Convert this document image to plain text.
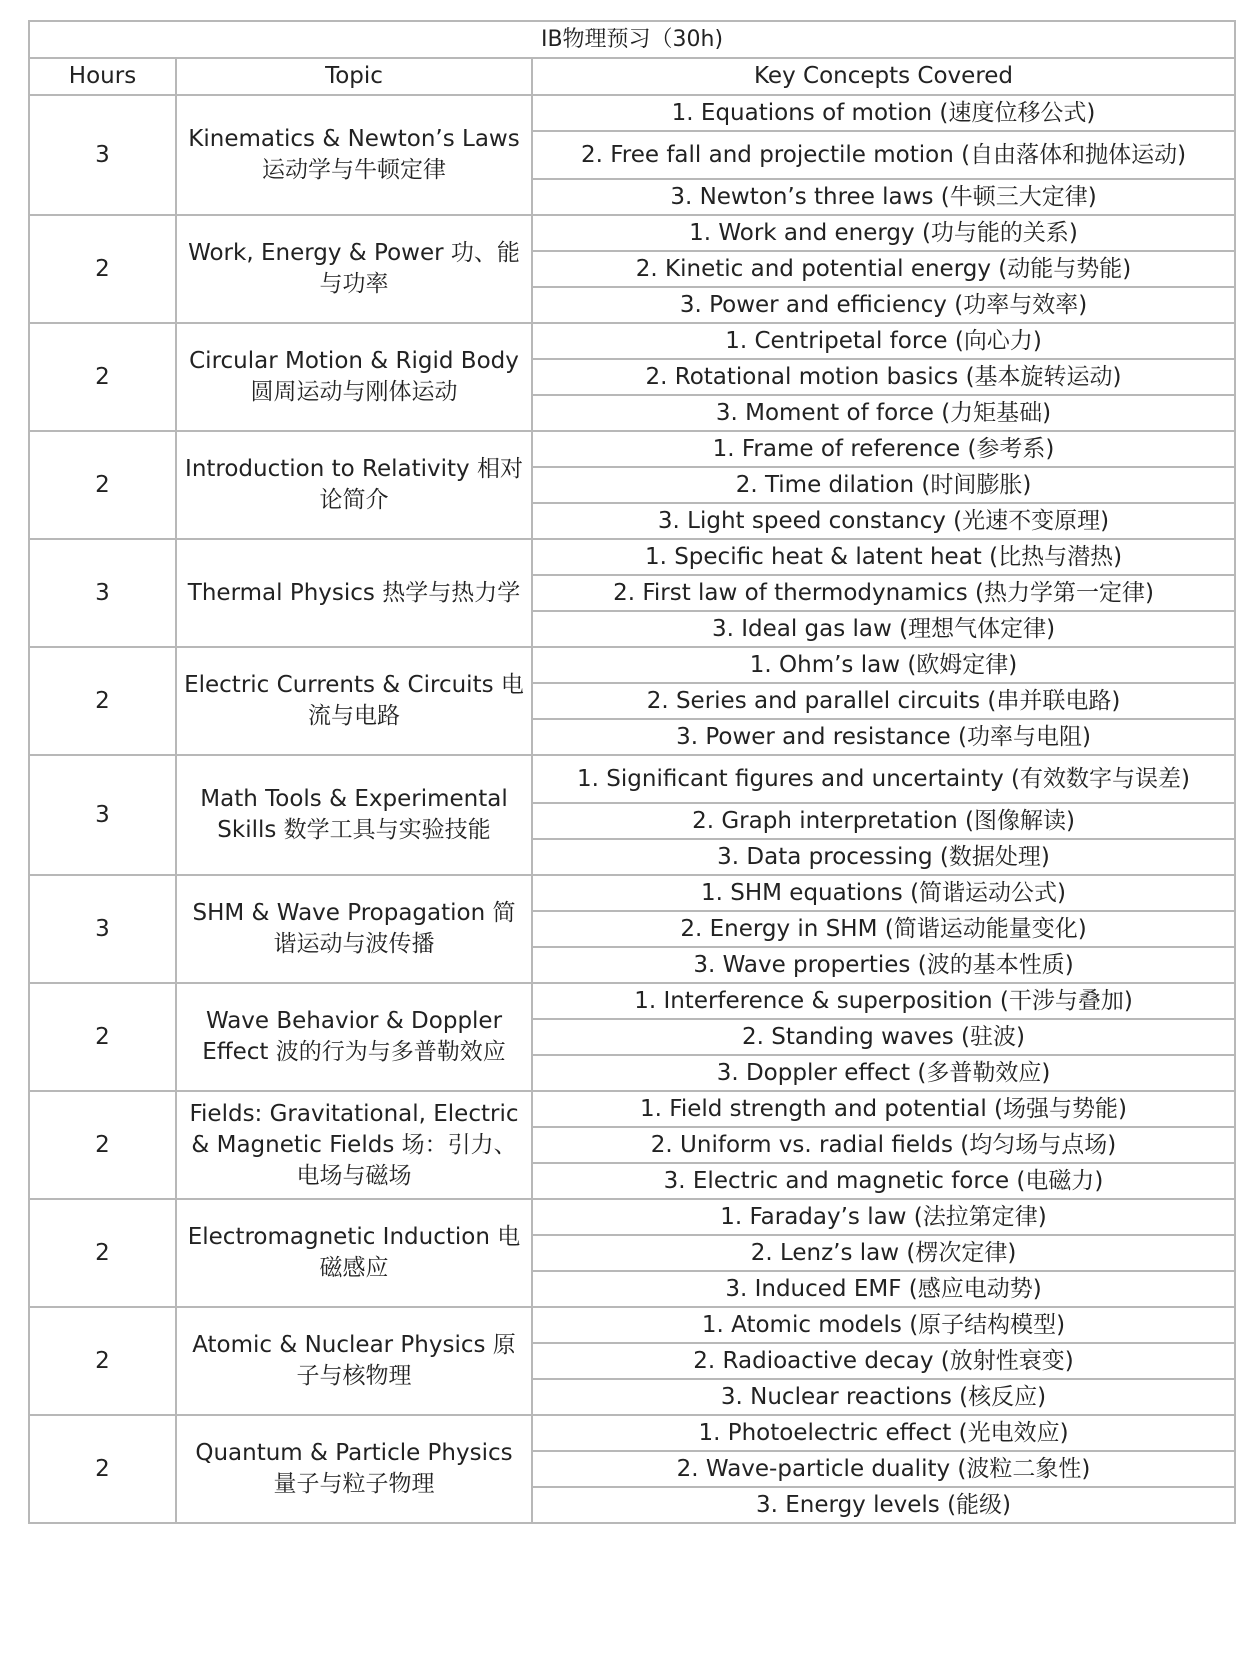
IB物理预习（30h)		
Hours	Topic	Key Concepts Covered
3	Kinematics & Newton’s Laws 运动学与牛顿定律	1. Equations of motion (速度位移公式)
		2. Free fall and projectile motion (自由落体和抛体运动)
		3. Newton’s three laws (牛顿三大定律)
2	Work, Energy & Power 功、能与功率	1. Work and energy (功与能的关系)
		2. Kinetic and potential energy (动能与势能)
		3. Power and efficiency (功率与效率)
2	Circular Motion & Rigid Body 圆周运动与刚体运动	1. Centripetal force (向心力)
		2. Rotational motion basics (基本旋转运动)
		3. Moment of force (力矩基础)
2	Introduction to Relativity 相对论简介	1. Frame of reference (参考系)
		2. Time dilation (时间膨胀)
		3. Light speed constancy (光速不变原理)
3	Thermal Physics 热学与热力学	1. Specific heat & latent heat (比热与潜热)
		2. First law of thermodynamics (热力学第一定律)
		3. Ideal gas law (理想气体定律)
2	Electric Currents & Circuits 电流与电路	1. Ohm’s law (欧姆定律)
		2. Series and parallel circuits (串并联电路)
		3. Power and resistance (功率与电阻)
3	Math Tools & Experimental Skills 数学工具与实验技能	1. Significant figures and uncertainty (有效数字与误差)
		2. Graph interpretation (图像解读)
		3. Data processing (数据处理)
3	SHM & Wave Propagation 简谐运动与波传播	1. SHM equations (简谐运动公式)
		2. Energy in SHM (简谐运动能量变化)
		3. Wave properties (波的基本性质)
2	Wave Behavior & Doppler Effect 波的行为与多普勒效应	1. Interference & superposition (干涉与叠加)
		2. Standing waves (驻波)
		3. Doppler effect (多普勒效应)
2	Fields: Gravitational, Electric & Magnetic Fields 场：引力、电场与磁场	1. Field strength and potential (场强与势能)
		2. Uniform vs. radial fields (均匀场与点场)
		3. Electric and magnetic force (电磁力)
2	Electromagnetic Induction 电磁感应	1. Faraday’s law (法拉第定律)
		2. Lenz’s law (楞次定律)
		3. Induced EMF (感应电动势)
2	Atomic & Nuclear Physics 原子与核物理	1. Atomic models (原子结构模型)
		2. Radioactive decay (放射性衰变)
		3. Nuclear reactions (核反应)
2	Quantum & Particle Physics 量子与粒子物理	1. Photoelectric effect (光电效应)
		2. Wave-particle duality (波粒二象性)
		3. Energy levels (能级)
